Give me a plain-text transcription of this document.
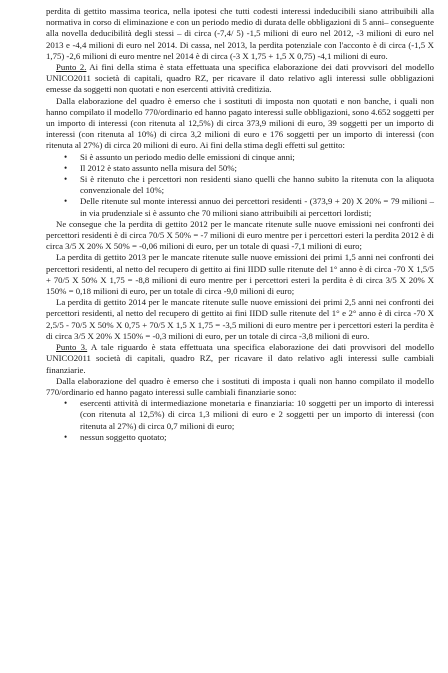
perdita di gettito massima teorica, nella ipotesi che tutti codesti interessi indeducibili siano attribuibili alla normativa in corso di eliminazione e con un periodo medio di durata delle obbligazioni di 5 anni– conseguente alla novella deducibilità degli stessi – di circa (-7,4/ 5) -1,5 milioni di euro nel 2012, -3 milioni di euro nel 2013 e -4,4 milioni di euro nel 2014. Di cassa, nel 2013, la perdita potenziale con l'acconto è di circa (-1,5 X 1,75) -2,6 milioni di euro mentre nel 2014 è di circa (-3 X 1,75 + 1,5 X 0,75) -4,1 milioni di euro.

Punto 2. Ai fini della stima è stata effettuata una specifica elaborazione dei dati provvisori del modello UNICO2011 società di capitali, quadro RZ, per ricavare il dato relativo agli interessi sulle obbligazioni emesse da soggetti non quotati e non esercenti attività creditizia.

Dalla elaborazione del quadro è emerso che i sostituti di imposta non quotati e non banche, i quali non hanno compilato il modello 770/ordinario ed hanno pagato interessi sulle obbligazioni, sono 4.652 soggetti per un importo di interessi (con ritenuta al 12,5%) di circa 373,9 milioni di euro, 39 soggetti per un importo di interessi (con ritenuta al 10%) di circa 3,2 milioni di euro e 176 soggetti per un importo di interessi (con ritenuta al 27%) di circa 20 milioni di euro. Ai fini della stima degli effetti sul gettito:

• Si è assunto un periodo medio delle emissioni di cinque anni;

• Il 2012 è stato assunto nella misura del 50%;

• Si è ritenuto che i percettori non residenti siano quelli che hanno subito la ritenuta con la aliquota convenzionale del 10%;

• Delle ritenute sul monte interessi annuo dei percettori residenti - (373,9 + 20) X 20% = 79 milioni –in via prudenziale si è assunto che 70 milioni siano attribuibili ai percettori lordisti;

Ne consegue che la perdita di gettito 2012 per le mancate ritenute sulle nuove emissioni nei confronti dei percettori residenti è di circa 70/5 X 50% = -7 milioni di euro mentre per i percettori esteri la perdita 2012 è di circa 3/5 X 20% X 50% = -0,06 milioni di euro, per un totale di quasi -7,1 milioni di euro;

La perdita di gettito 2013 per le mancate ritenute sulle nuove emissioni dei primi 1,5 anni nei confronti dei percettori residenti, al netto del recupero di gettito ai fini IIDD sulle ritenute del 1° anno è di circa -70 X 1,5/5 + 70/5 X 50% X 1,75 = -8,8 milioni di euro mentre per i percettori esteri la perdita è di circa 3/5 X 20% X 150% = 0,18 milioni di euro, per un totale di circa -9,0 milioni di euro;

La perdita di gettito 2014 per le mancate ritenute sulle nuove emissioni dei primi 2,5 anni nei confronti dei percettori residenti, al netto del recupero di gettito ai fini IIDD sulle ritenute del 1° e 2° anno è di circa -70 X 2,5/5 - 70/5 X 50% X 0,75 + 70/5 X 1,5 X 1,75 = -3,5 milioni di euro mentre per i percettori esteri la perdita è di circa 3/5 X 20% X 150% = -0,3 milioni di euro, per un totale di circa -3,8 milioni di euro.

Punto 3. A tale riguardo è stata effettuata una specifica elaborazione dei dati provvisori del modello UNICO2011 società di capitali, quadro RZ, per ricavare il dato relativo agli interessi sulle cambiali finanziarie.

Dalla elaborazione del quadro è emerso che i sostituti di imposta i quali non hanno compilato il modello 770/ordinario ed hanno pagato interessi sulle cambiali finanziarie sono:

• esercenti attività di intermediazione monetaria e finanziaria: 10 soggetti per un importo di interessi (con ritenuta al 12,5%) di circa 1,3 milioni di euro e 2 soggetti per un importo di interessi (con ritenuta al 27%) di circa 0,7 milioni di euro;

• nessun soggetto quotato;
